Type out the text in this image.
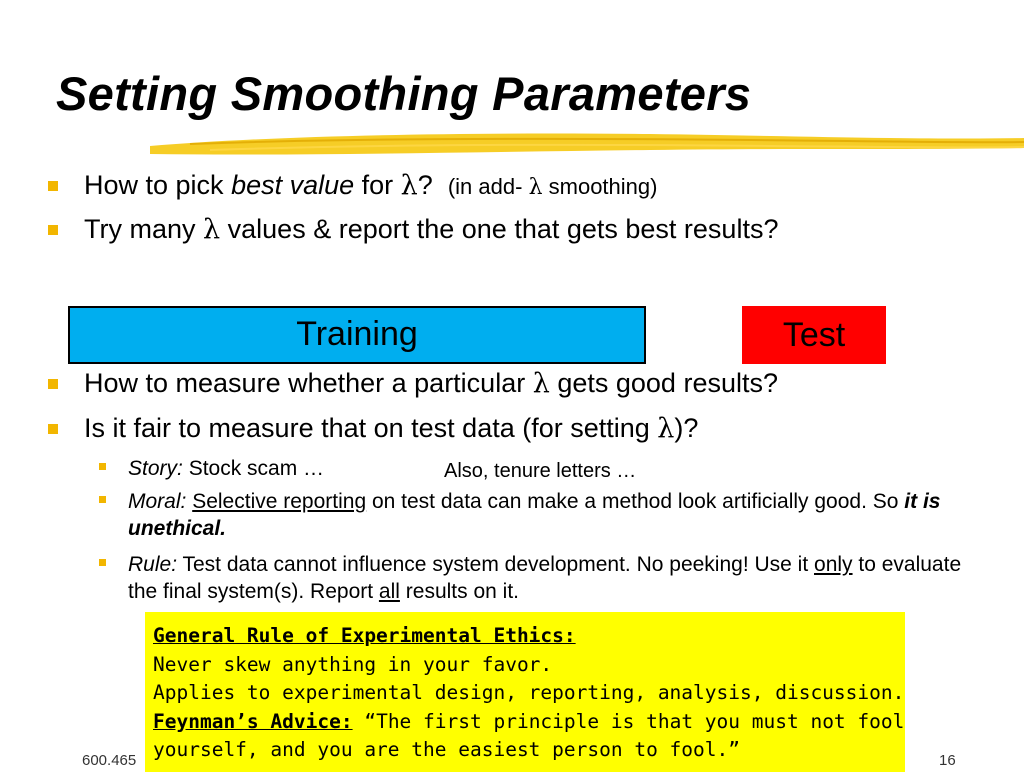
Setting Smoothing Parameters
How to pick best value for λ? (in add- λ smoothing)
Try many λ values & report the one that gets best results?
Training	Test
How to measure whether a particular λ gets good results?
Is it fair to measure that on test data (for setting λ)?
Story: Stock scam …	Also, tenure letters …
Moral: Selective reporting on test data can make a method look artificially good. So it is unethical.
Rule: Test data cannot influence system development. No peeking! Use it only to evaluate the final system(s). Report all results on it.
600.465	16
General Rule of Experimental Ethics:
Never skew anything in your favor.
Applies to experimental design, reporting, analysis, discussion.
Feynman’s Advice: “The first principle is that you must not fool yourself, and you are the easiest person to fool.”
